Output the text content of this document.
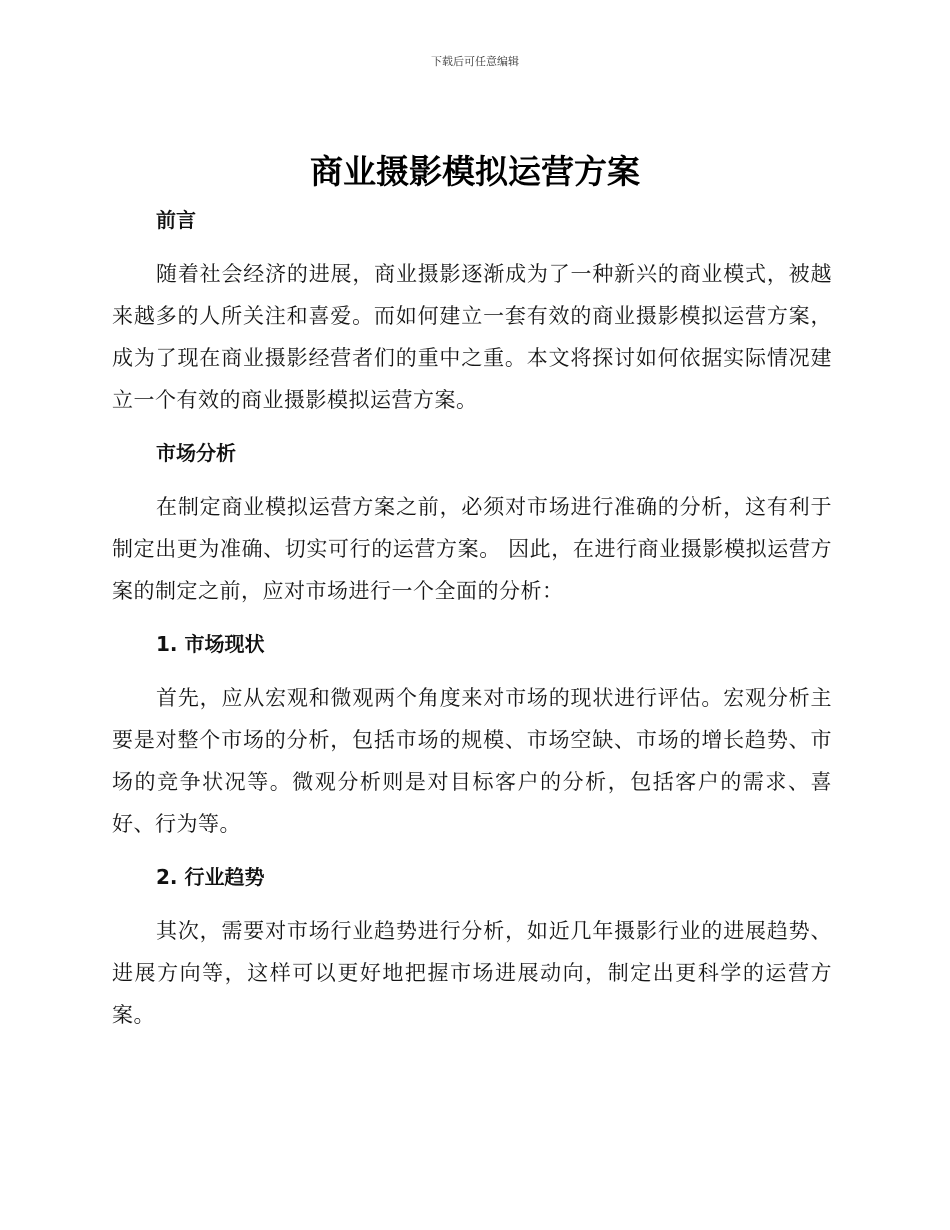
下载后可任意编辑
商业摄影模拟运营方案
前言

随着社会经济的进展，商业摄影逐渐成为了一种新兴的商业模式，被越来越多的人所关注和喜爱。而如何建立一套有效的商业摄影模拟运营方案，成为了现在商业摄影经营者们的重中之重。本文将探讨如何依据实际情况建立一个有效的商业摄影模拟运营方案。

市场分析

在制定商业模拟运营方案之前，必须对市场进行准确的分析，这有利于制定出更为准确、切实可行的运营方案。 因此，在进行商业摄影模拟运营方案的制定之前，应对市场进行一个全面的分析：

1. 市场现状

首先，应从宏观和微观两个角度来对市场的现状进行评估。宏观分析主要是对整个市场的分析，包括市场的规模、市场空缺、市场的增长趋势、市场的竞争状况等。微观分析则是对目标客户的分析，包括客户的需求、喜好、行为等。

2. 行业趋势

其次，需要对市场行业趋势进行分析，如近几年摄影行业的进展趋势、进展方向等，这样可以更好地把握市场进展动向，制定出更科学的运营方案。
